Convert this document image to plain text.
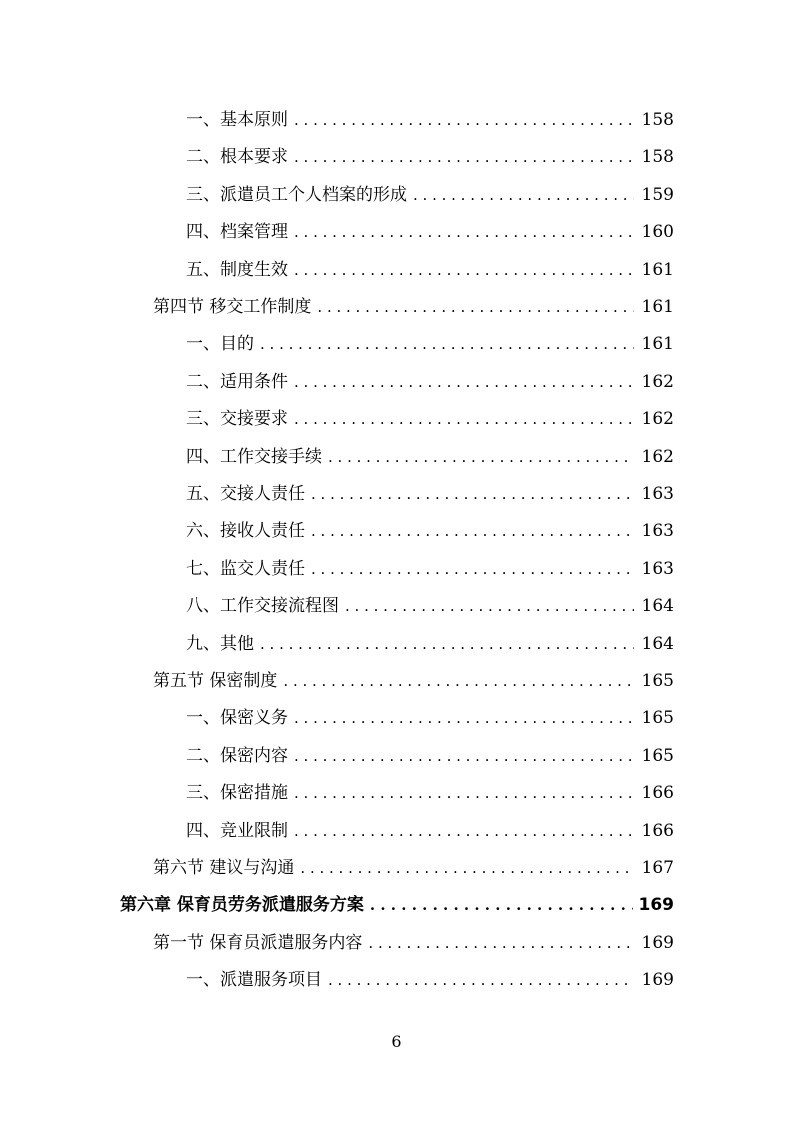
一、基本原则 . . .	158
二、根本要求 . . .	158
三、派遣员工个人档案的形成 . . .	159
四、档案管理 . . .	160
五、制度生效 . . .	161
第四节 移交工作制度 . . .	161
一、目的 . . .	161
二、适用条件 . . .	162
三、交接要求 . . .	162
四、工作交接手续 . . .	162
五、交接人责任 . . .	163
六、接收人责任 . . .	163
七、监交人责任 . . .	163
八、工作交接流程图 . . .	164
九、其他 . . .	164
第五节 保密制度 . . .	165
一、保密义务 . . .	165
二、保密内容 . . .	165
三、保密措施 . . .	166
四、竞业限制 . . .	166
第六节 建议与沟通 . . .	167
第六章 保育员劳务派遣服务方案 . . .	169
第一节 保育员派遣服务内容 . . .	169
一、派遣服务项目 . . .	169
6
